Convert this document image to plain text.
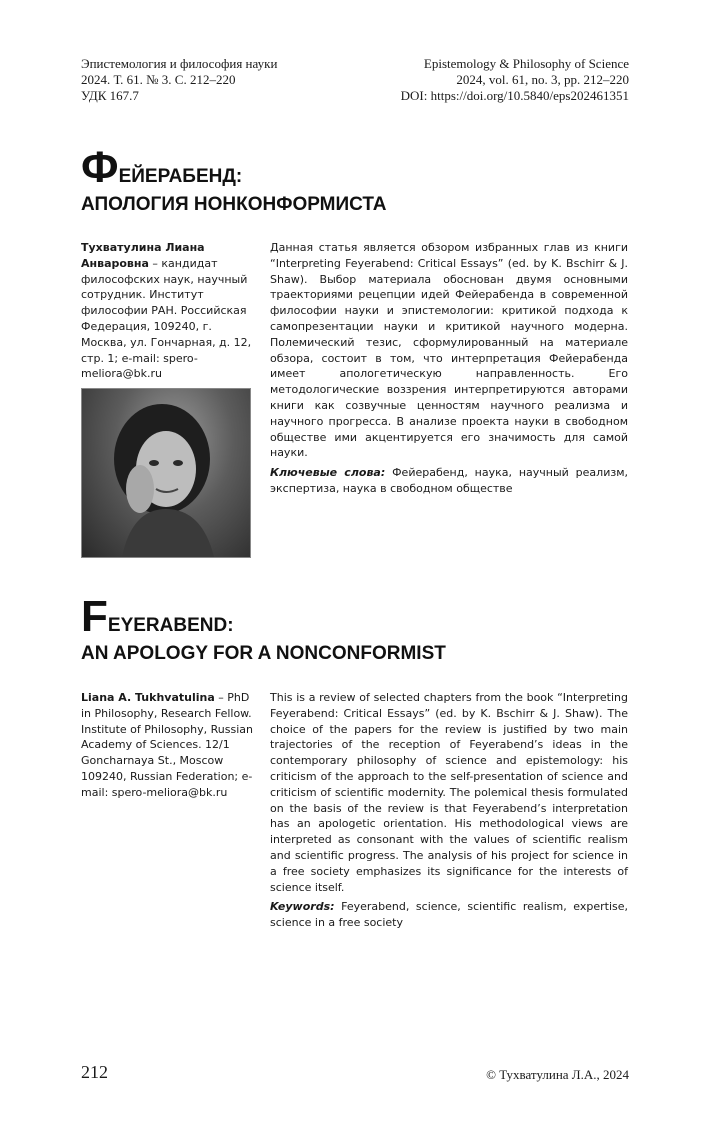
Эпистемология и философия науки
2024. Т. 61. № 3. С. 212–220
УДК 167.7
Epistemology & Philosophy of Science
2024, vol. 61, no. 3, pp. 212–220
DOI: https://doi.org/10.5840/eps202461351
ФЕЙЕРАБЕНД:
АПОЛОГИЯ НОНКОНФОРМИСТА
Тухватулина Лиана Анваровна – кандидат философских наук, научный сотрудник. Институт философии РАН. Российская Федерация, 109240, г. Москва, ул. Гончарная, д. 12, стр. 1; e-mail: spero-meliora@bk.ru

Данная статья является обзором избранных глав из книги “Interpreting Feyerabend: Critical Essays” (ed. by K. Bschirr & J. Shaw). Выбор материала обоснован двумя основными траекториями рецепции идей Фейерабенда в современной философии науки и эпистемологии: критикой подхода к самопрезентации науки и критикой научного модерна. Полемический тезис, сформулированный на материале обзора, состоит в том, что интерпретация Фейерабенда имеет апологетическую направленность. Его методологические воззрения интерпретируются авторами книги как созвучные ценностям научного реализма и научного прогресса. В анализе проекта науки в свободном обществе ими акцентируется его значимость для самой науки.

Ключевые слова: Фейерабенд, наука, научный реализм, экспертиза, наука в свободном обществе

FEYERABEND:
AN APOLOGY FOR A NONCONFORMIST
Liana A. Tukhvatulina – PhD in Philosophy, Research Fellow. Institute of Philosophy, Russian Academy of Sciences. 12/1 Goncharnaya St., Moscow 109240, Russian Federation; e-mail: spero-meliora@bk.ru

This is a review of selected chapters from the book “Interpreting Feyerabend: Critical Essays” (ed. by K. Bschirr & J. Shaw). The choice of the papers for the review is justified by two main trajectories of the reception of Feyerabend’s ideas in the contemporary philosophy of science and epistemology: his criticism of the approach to the self-presentation of science and criticism of scientific modernity. The polemical thesis formulated on the basis of the review is that Feyerabend’s interpretation has an apologetic orientation. His methodological views are interpreted as consonant with the values of scientific realism and scientific progress. The analysis of his project for science in a free society emphasizes its significance for the interests of science itself.

Keywords: Feyerabend, science, scientific realism, expertise, science in a free society

212	© Тухватулина Л.А., 2024
